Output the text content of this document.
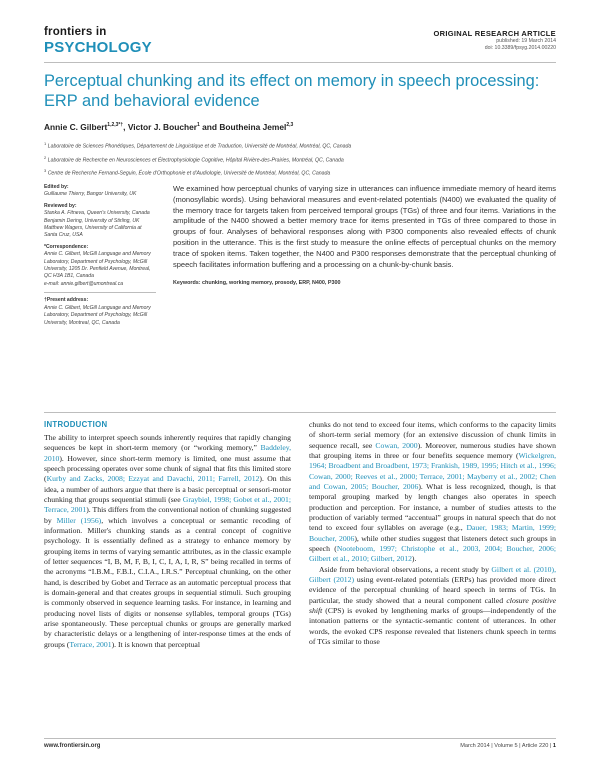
frontiers in
PSYCHOLOGY
ORIGINAL RESEARCH ARTICLE
published: 19 March 2014
doi: 10.3389/fpsyg.2014.00220
Perceptual chunking and its effect on memory in speech processing: ERP and behavioral evidence
Annie C. Gilbert$^{1,2,3*\dagger}$, Victor J. Boucher$^1$ and Boutheina Jemel$^{2,3}$
$^1$ Laboratoire de Sciences Phonétiques, Département de Linguistique et de Traduction, Université de Montréal, Montréal, QC, Canada
$^2$ Laboratoire de Recherche en Neurosciences et Électrophysiologie Cognitive, Hôpital Rivière-des-Prairies, Montréal, QC, Canada
$^3$ Centre de Recherche Fernand-Seguin, École d'Orthophonie et d'Audiologie, Université de Montréal, Montréal, QC, Canada
Edited by:
Guillaume Thierry, Bangor University, UK
Reviewed by:
Stanka A. Fitneva, Queen's University, Canada
Benjamin Dering, University of Stirling, UK
Matthew Wagers, University of California at Santa Cruz, USA
*Correspondence:
Annie C. Gilbert, McGill Language and Memory Laboratory, Department of Psychology, McGill University, 1205 Dr. Penfield Avenue, Montreal, QC H3A 1B1, Canada
e-mail: annie.gilbert@umontreal.ca
†Present address:
Annie C. Gilbert, McGill Language and Memory Laboratory, Department of Psychology, McGill University, Montreal, QC, Canada
We examined how perceptual chunks of varying size in utterances can influence immediate memory of heard items (monosyllabic words). Using behavioral measures and event-related potentials (N400) we evaluated the quality of the memory trace for targets taken from perceived temporal groups (TGs) of three and four items. Variations in the amplitude of the N400 showed a better memory trace for items presented in TGs of three compared to those in groups of four. Analyses of behavioral responses along with P300 components also revealed effects of chunk position in the utterance. This is the first study to measure the online effects of perceptual chunks on the memory trace of spoken items. Taken together, the N400 and P300 responses demonstrate that the perceptual chunking of speech facilitates information buffering and a processing on a chunk-by-chunk basis.
Keywords: chunking, working memory, prosody, ERP, N400, P300
INTRODUCTION

The ability to interpret speech sounds inherently requires that rapidly changing sequences be kept in short-term memory (or “working memory,” Baddeley, 2010). However, since short-term memory is limited, one must assume that speech processing operates over some chunk of signal that fits this limited store (Kurby and Zacks, 2008; Ezzyat and Davachi, 2011; Farrell, 2012). On this idea, a number of authors argue that there is a basic perceptual or sensori-motor chunking that groups sequential stimuli (see Graybiel, 1998; Gobet et al., 2001; Terrace, 2001). This differs from the conventional notion of chunking suggested by Miller (1956), which involves a conceptual or semantic recoding of information. Miller's chunking stands as a central concept of cognitive psychology. It is essentially defined as a strategy to enhance memory by grouping items in terms of varying semantic attributes, as in the classic example of letter sequences “I, B, M, F, B, I, C, I, A, I, R, S” being recalled in terms of the acronyms “I.B.M., F.B.I., C.I.A., I.R.S.” Perceptual chunking, on the other hand, is described by Gobet and Terrace as an automatic perceptual process that is domain-general and that creates groups in sequential stimuli. Such grouping is commonly observed in sequence learning tasks. For instance, in learning and producing novel lists of digits or nonsense syllables, temporal groups (TGs) arise spontaneously. These perceptual chunks or groups are generally marked by characteristic delays or a lengthening of inter-response times at the ends of groups (Terrace, 2001). It is known that perceptual

chunks do not tend to exceed four items, which conforms to the capacity limits of short-term serial memory (for an extensive discussion of chunk limits in sequence recall, see Cowan, 2000). Moreover, numerous studies have shown that grouping items in three or four benefits sequence memory (Wickelgren, 1964; Broadbent and Broadbent, 1973; Frankish, 1989, 1995; Hitch et al., 1996; Cowan, 2000; Reeves et al., 2000; Terrace, 2001; Mayberry et al., 2002; Chen and Cowan, 2005; Boucher, 2006). What is less recognized, though, is that temporal grouping marked by length changes also operates in speech production and perception. For instance, a number of studies attests to the production of variably termed “accentual” groups in natural speech that do not tend to exceed four syllables on average (e.g., Dauer, 1983; Martin, 1999; Boucher, 2006), while other studies suggest that listeners detect such groups in speech (Nooteboom, 1997; Christophe et al., 2003, 2004; Boucher, 2006; Gilbert et al., 2010; Gilbert, 2012).

Aside from behavioral observations, a recent study by Gilbert et al. (2010), Gilbert (2012) using event-related potentials (ERPs) has provided more direct evidence of the perceptual chunking of heard speech in terms of TGs. In particular, the study showed that a neural component called closure positive shift (CPS) is evoked by lengthening marks of groups—independently of the intonation patterns or the syntactic-semantic content of utterances. In other words, the evoked CPS response revealed that listeners chunk speech in terms of TGs similar to those

www.frontiersin.org	March 2014 | Volume 5 | Article 220 | 1
